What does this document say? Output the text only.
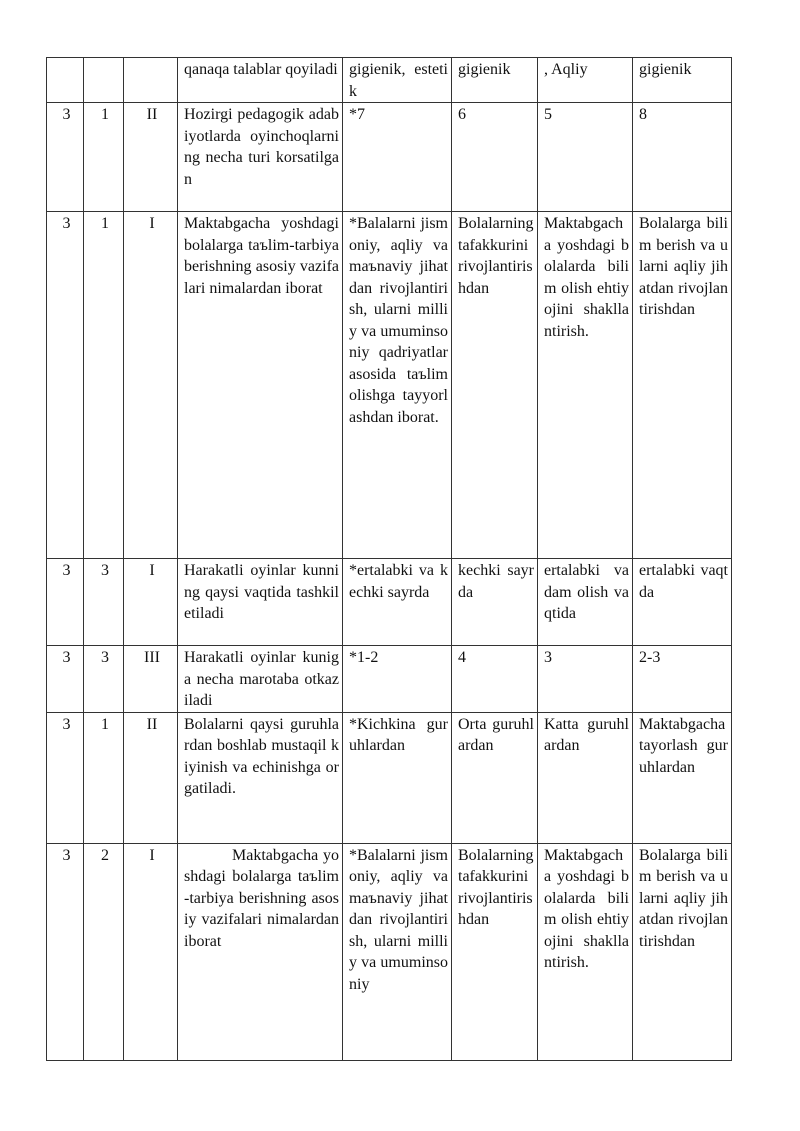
			qanaqa talablar qoyiladi	gigienik, estetik	gigienik	, Aqliy	gigienik
3	1	II	Hozirgi pedagogik adabiyotlarda oyinchoqlarning necha turi korsatilgan	*7	6	5	8
3	1	I	Maktabgacha yoshdagi bolalarga taъlim-tarbiya berishning asosiy vazifalari nimalardan iborat	*Balalarni jismoniy, aqliy va maъnaviy jihatdan rivojlantirish, ularni milliy va umuminsoniy qadriyatlar asosida taъlim olishga tayyorlashdan iborat.	Bolalarning tafakkurini rivojlantirishdan	Maktabgacha yoshdagi bolalarda bilim olish ehtiyojini shakllantirish.	Bolalarga bilim berish va ularni aqliy jihatdan rivojlantirishdan
3	3	I	Harakatli oyinlar kunning qaysi vaqtida tashkil etiladi	*ertalabki va kechki sayrda	kechki sayrda	ertalabki va dam olish vaqtida	ertalabki vaqtda
3	3	III	Harakatli oyinlar kuniga necha marotaba otkaziladi	*1-2	4	3	2-3
3	1	II	Bolalarni qaysi guruhlardan boshlab mustaqil kiyinish va echinishga orgatiladi.	*Kichkina guruhlardan	Orta guruhlardan	Katta guruhlardan	Maktabgacha tayorlash guruhlardan
3	2	I	Maktabgacha yoshdagi bolalarga taъlim-tarbiya berishning asosiy vazifalari nimalardan iborat	*Balalarni jismoniy, aqliy va maъnaviy jihatdan rivojlantirish, ularni milliy va umuminsoniy	Bolalarning tafakkurini rivojlantirishdan	Maktabgacha yoshdagi bolalarda bilim olish ehtiyojini shakllantirish.	Bolalarga bilim berish va ularni aqliy jihatdan rivojlantirishdan
